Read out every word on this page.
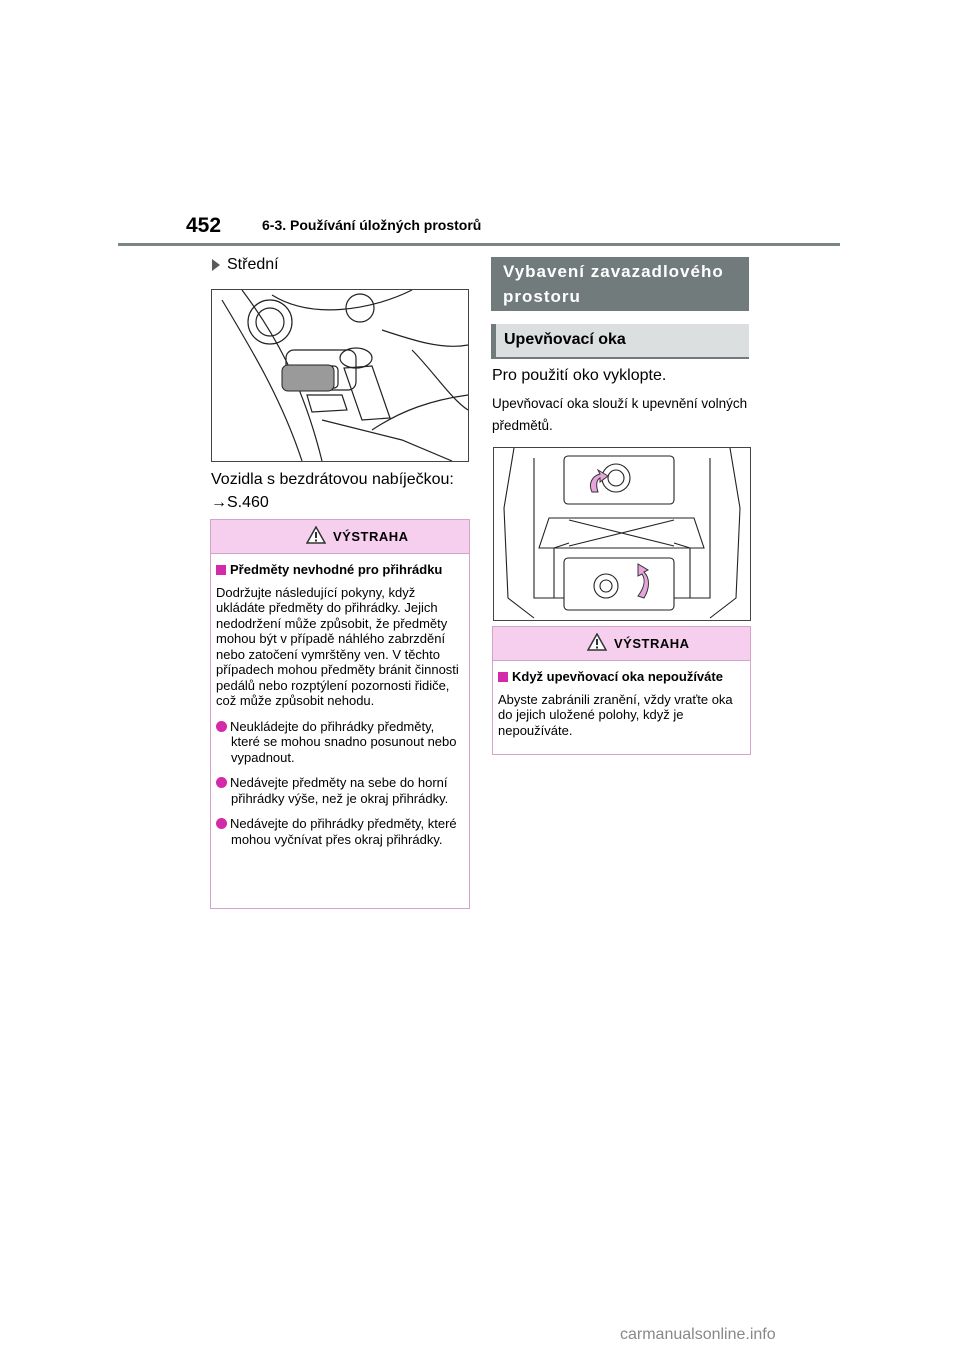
452	6-3. Používání úložných prostorů
Střední
Vozidla s bezdrátovou nabíječkou:
→S.460
VÝSTRAHA
Předměty nevhodné pro přihrádku
Dodržujte následující pokyny, když ukládáte předměty do přihrádky. Jejich nedodržení může způsobit, že předměty mohou být v případě náhlého zabrzdění nebo zatočení vymrštěny ven. V těchto případech mohou předměty bránit činnosti pedálů nebo rozptýlení pozornosti řidiče, což může způsobit nehodu.
Neukládejte do přihrádky předměty, které se mohou snadno posunout nebo vypadnout.
Nedávejte předměty na sebe do horní přihrádky výše, než je okraj přihrádky.
Nedávejte do přihrádky předměty, které mohou vyčnívat přes okraj přihrádky.
Vybavení zavazadlového prostoru
Upevňovací oka
Pro použití oko vyklopte.
Upevňovací oka slouží k upevnění volných předmětů.
VÝSTRAHA
Když upevňovací oka nepoužíváte
Abyste zabránili zranění, vždy vraťte oka do jejich uložené polohy, když je nepoužíváte.
carmanualsonline.info
